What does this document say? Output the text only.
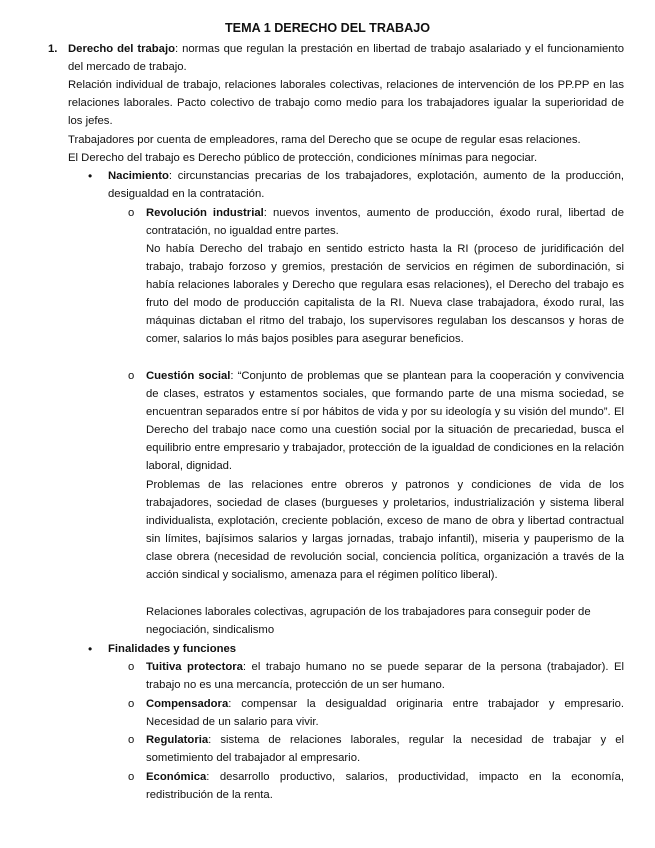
TEMA 1 DERECHO DEL TRABAJO
1. Derecho del trabajo: normas que regulan la prestación en libertad de trabajo asalariado y el funcionamiento del mercado de trabajo.

Relación individual de trabajo, relaciones laborales colectivas, relaciones de intervención de los PP.PP en las relaciones laborales. Pacto colectivo de trabajo como medio para los trabajadores igualar la superioridad de los jefes.

Trabajadores por cuenta de empleadores, rama del Derecho que se ocupe de regular esas relaciones.

El Derecho del trabajo es Derecho público de protección, condiciones mínimas para negociar.

• Nacimiento: circunstancias precarias de los trabajadores, explotación, aumento de la producción, desigualdad en la contratación.

o Revolución industrial: nuevos inventos, aumento de producción, éxodo rural, libertad de contratación, no igualdad entre partes.

No había Derecho del trabajo en sentido estricto hasta la RI (proceso de juridificación del trabajo, trabajo forzoso y gremios, prestación de servicios en régimen de subordinación, si había relaciones laborales y Derecho que regulara esas relaciones), el Derecho del trabajo es fruto del modo de producción capitalista de la RI. Nueva clase trabajadora, éxodo rural, las máquinas dictaban el ritmo del trabajo, los supervisores regulaban los descansos y horas de comer, salarios lo más bajos posibles para asegurar beneficios.

o Cuestión social: “Conjunto de problemas que se plantean para la cooperación y convivencia de clases, estratos y estamentos sociales, que formando parte de una misma sociedad, se encuentran separados entre sí por hábitos de vida y por su ideología y su visión del mundo”. El Derecho del trabajo nace como una cuestión social por la situación de precariedad, busca el equilibrio entre empresario y trabajador, protección de la igualdad de condiciones en la relación laboral, dignidad.

Problemas de las relaciones entre obreros y patronos y condiciones de vida de los trabajadores, sociedad de clases (burgueses y proletarios, industrialización y sistema liberal individualista, explotación, creciente población, exceso de mano de obra y libertad contractual sin límites, bajísimos salarios y largas jornadas, trabajo infantil), miseria y pauperismo de la clase obrera (necesidad de revolución social, conciencia política, organización a través de la acción sindical y socialismo, amenaza para el régimen político liberal).

Relaciones laborales colectivas, agrupación de los trabajadores para conseguir poder de negociación, sindicalismo

• Finalidades y funciones

o Tuitiva protectora: el trabajo humano no se puede separar de la persona (trabajador). El trabajo no es una mercancía, protección de un ser humano.

o Compensadora: compensar la desigualdad originaria entre trabajador y empresario. Necesidad de un salario para vivir.

o Regulatoria: sistema de relaciones laborales, regular la necesidad de trabajar y el sometimiento del trabajador al empresario.

o Económica: desarrollo productivo, salarios, productividad, impacto en la economía, redistribución de la renta.
